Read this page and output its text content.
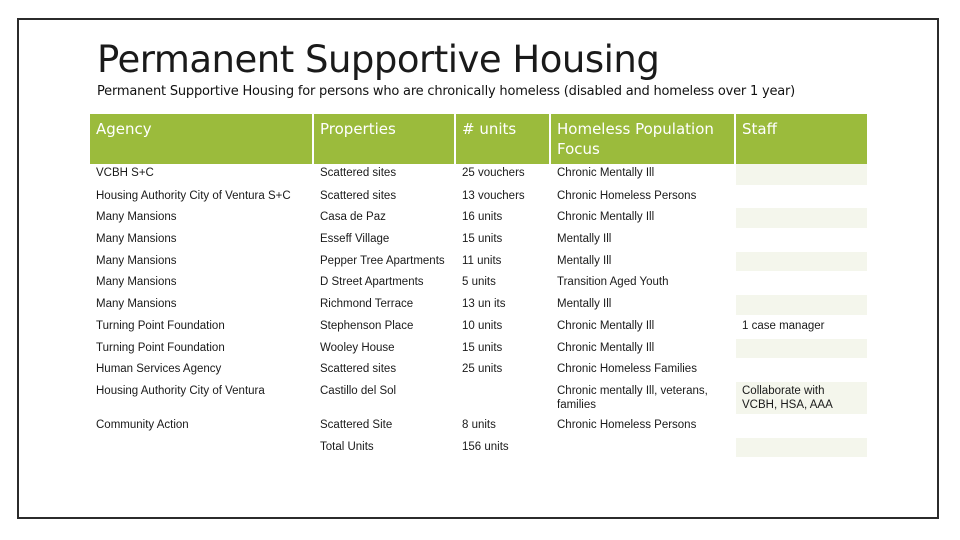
Permanent Supportive Housing
Permanent Supportive Housing for persons who are chronically homeless (disabled and homeless over 1 year)
Agency	Properties	# units	Homeless Population Focus	Staff
VCBH S+C	Scattered sites	25 vouchers	Chronic Mentally Ill	
Housing Authority City of Ventura S+C	Scattered sites	13 vouchers	Chronic Homeless Persons	
Many Mansions	Casa de Paz	16 units	Chronic Mentally Ill	
Many Mansions	Esseff Village	15 units	Mentally Ill	
Many Mansions	Pepper Tree Apartments	11 units	Mentally Ill	
Many Mansions	D Street Apartments	5 units	Transition Aged Youth	
Many Mansions	Richmond Terrace	13 un its	Mentally Ill	
Turning Point Foundation	Stephenson Place	10 units	Chronic Mentally Ill	1 case manager
Turning Point Foundation	Wooley House	15 units	Chronic Mentally Ill	
Human Services Agency	Scattered sites	25 units	Chronic Homeless Families	
Housing Authority City of Ventura	Castillo del Sol		Chronic mentally Ill, veterans, families	Collaborate with VCBH, HSA, AAA
Community Action	Scattered Site	8 units	Chronic Homeless Persons	
	Total Units	156 units		
